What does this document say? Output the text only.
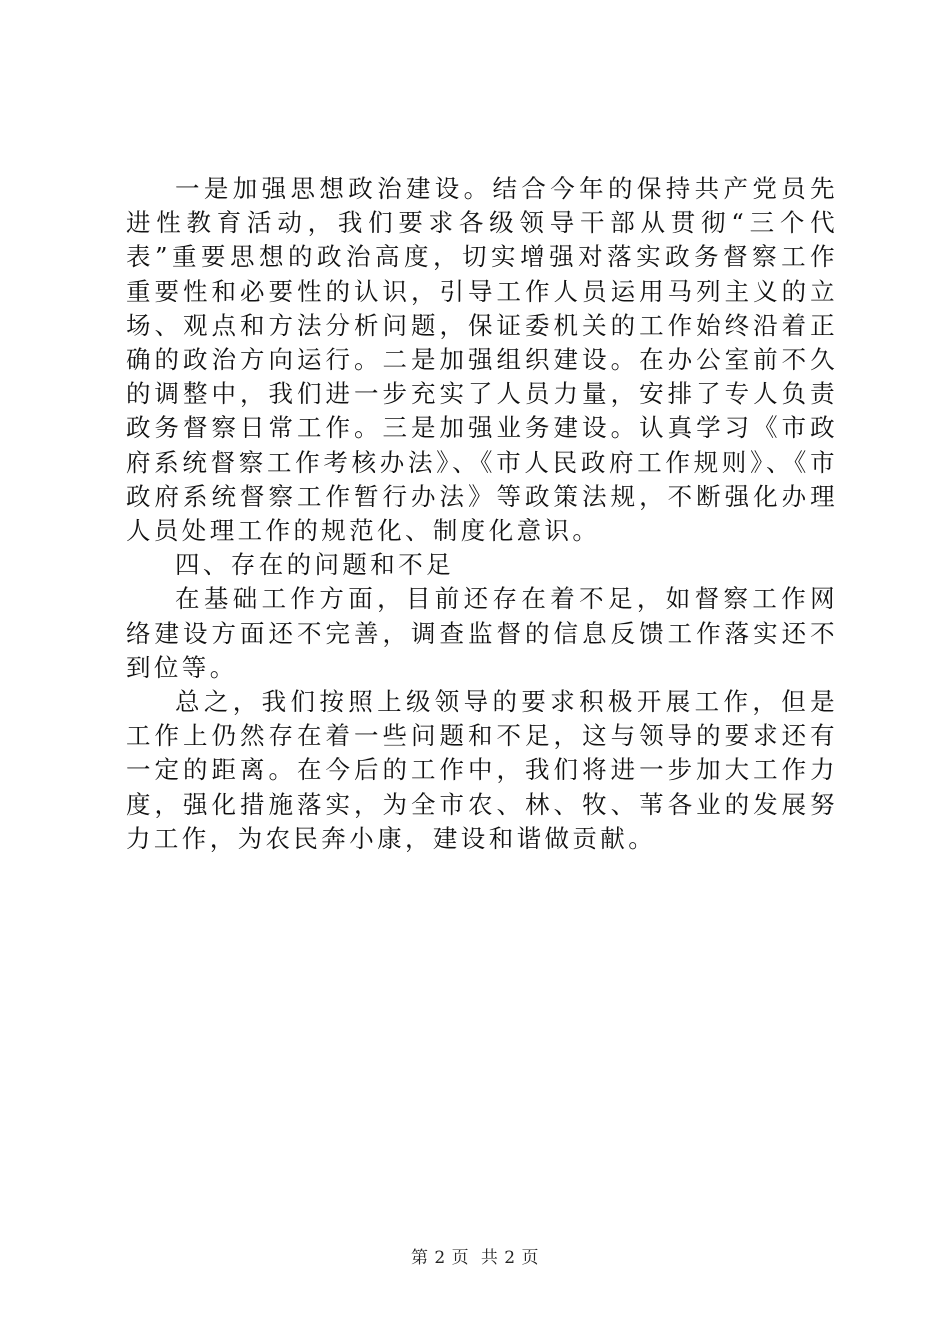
一是加强思想政治建设。结合今年的保持共产党员先进性教育活动，我们要求各级领导干部从贯彻“三个代表”重要思想的政治高度，切实增强对落实政务督察工作重要性和必要性的认识，引导工作人员运用马列主义的立场、观点和方法分析问题，保证委机关的工作始终沿着正确的政治方向运行。二是加强组织建设。在办公室前不久的调整中，我们进一步充实了人员力量，安排了专人负责政务督察日常工作。三是加强业务建设。认真学习《市政府系统督察工作考核办法》、《市人民政府工作规则》、《市政府系统督察工作暂行办法》等政策法规，不断强化办理人员处理工作的规范化、制度化意识。

四、存在的问题和不足

在基础工作方面，目前还存在着不足，如督察工作网络建设方面还不完善，调查监督的信息反馈工作落实还不到位等。

总之，我们按照上级领导的要求积极开展工作，但是工作上仍然存在着一些问题和不足，这与领导的要求还有一定的距离。在今后的工作中，我们将进一步加大工作力度，强化措施落实，为全市农、林、牧、苇各业的发展努力工作，为农民奔小康，建设和谐做贡献。

第 2 页  共 2 页
